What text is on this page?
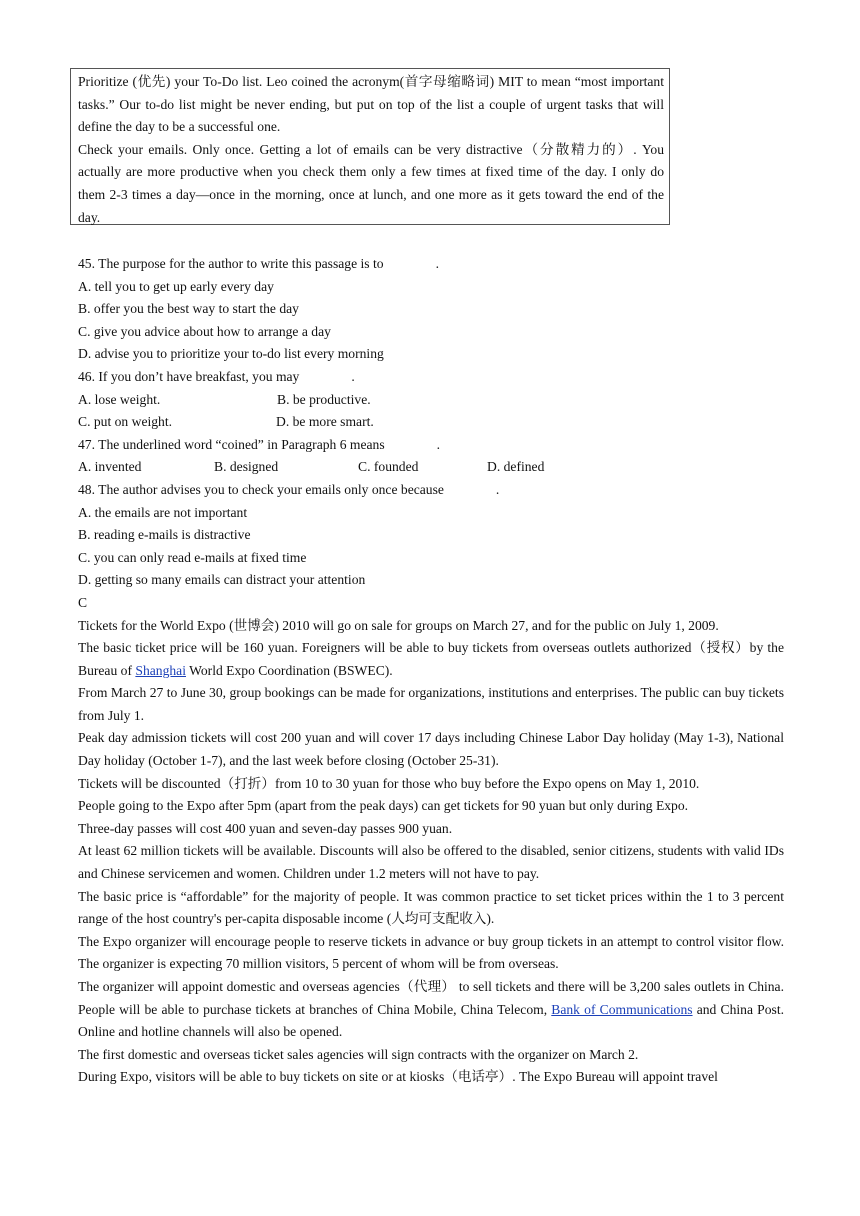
Prioritize (优先) your To-Do list. Leo coined the acronym(首字母缩略词) MIT to mean “most important tasks.” Our to-do list might be never ending, but put on top of the list a couple of urgent tasks that will define the day to be a successful one.

Check your emails. Only once. Getting a lot of emails can be very distractive（分散精力的）. You actually are more productive when you check them only a few times at fixed time of the day. I only do them 2-3 times a day—once in the morning, once at lunch, and one more as it gets toward the end of the day.

45. The purpose for the author to write this passage is to	.
A. tell you to get up early every day
B. offer you the best way to start the day
C. give you advice about how to arrange a day
D. advise you to prioritize your to-do list every morning
46. If you don’t have breakfast, you may	.
A. lose weight.	B. be productive.
C. put on weight.	D. be more smart.
47. The underlined word “coined” in Paragraph 6 means	.
A. invented	B. designed	C. founded	D. defined
48. The author advises you to check your emails only once because	.
A. the emails are not important
B. reading e-mails is distractive
C. you can only read e-mails at fixed time
D. getting so many emails can distract your attention
C
Tickets for the World Expo (世博会) 2010 will go on sale for groups on March 27, and for the public on July 1, 2009.
The basic ticket price will be 160 yuan. Foreigners will be able to buy tickets from overseas outlets authorized（授权）by the Bureau of Shanghai World Expo Coordination (BSWEC).
From March 27 to June 30, group bookings can be made for organizations, institutions and enterprises. The public can buy tickets from July 1.
Peak day admission tickets will cost 200 yuan and will cover 17 days including Chinese Labor Day holiday (May 1-3), National Day holiday (October 1-7), and the last week before closing (October 25-31).
Tickets will be discounted（打折）from 10 to 30 yuan for those who buy before the Expo opens on May 1, 2010.
People going to the Expo after 5pm (apart from the peak days) can get tickets for 90 yuan but only during Expo.
Three-day passes will cost 400 yuan and seven-day passes 900 yuan.
At least 62 million tickets will be available. Discounts will also be offered to the disabled, senior citizens, students with valid IDs and Chinese servicemen and women. Children under 1.2 meters will not have to pay.
The basic price is “affordable” for the majority of people. It was common practice to set ticket prices within the 1 to 3 percent range of the host country's per-capita disposable income (人均可支配收入).
The Expo organizer will encourage people to reserve tickets in advance or buy group tickets in an attempt to control visitor flow. The organizer is expecting 70 million visitors, 5 percent of whom will be from overseas.
The organizer will appoint domestic and overseas agencies（代理） to sell tickets and there will be 3,200 sales outlets in China. People will be able to purchase tickets at branches of China Mobile, China Telecom, Bank of Communications and China Post. Online and hotline channels will also be opened.
The first domestic and overseas ticket sales agencies will sign contracts with the organizer on March 2.
During Expo, visitors will be able to buy tickets on site or at kiosks（电话亭）. The Expo Bureau will appoint travel
